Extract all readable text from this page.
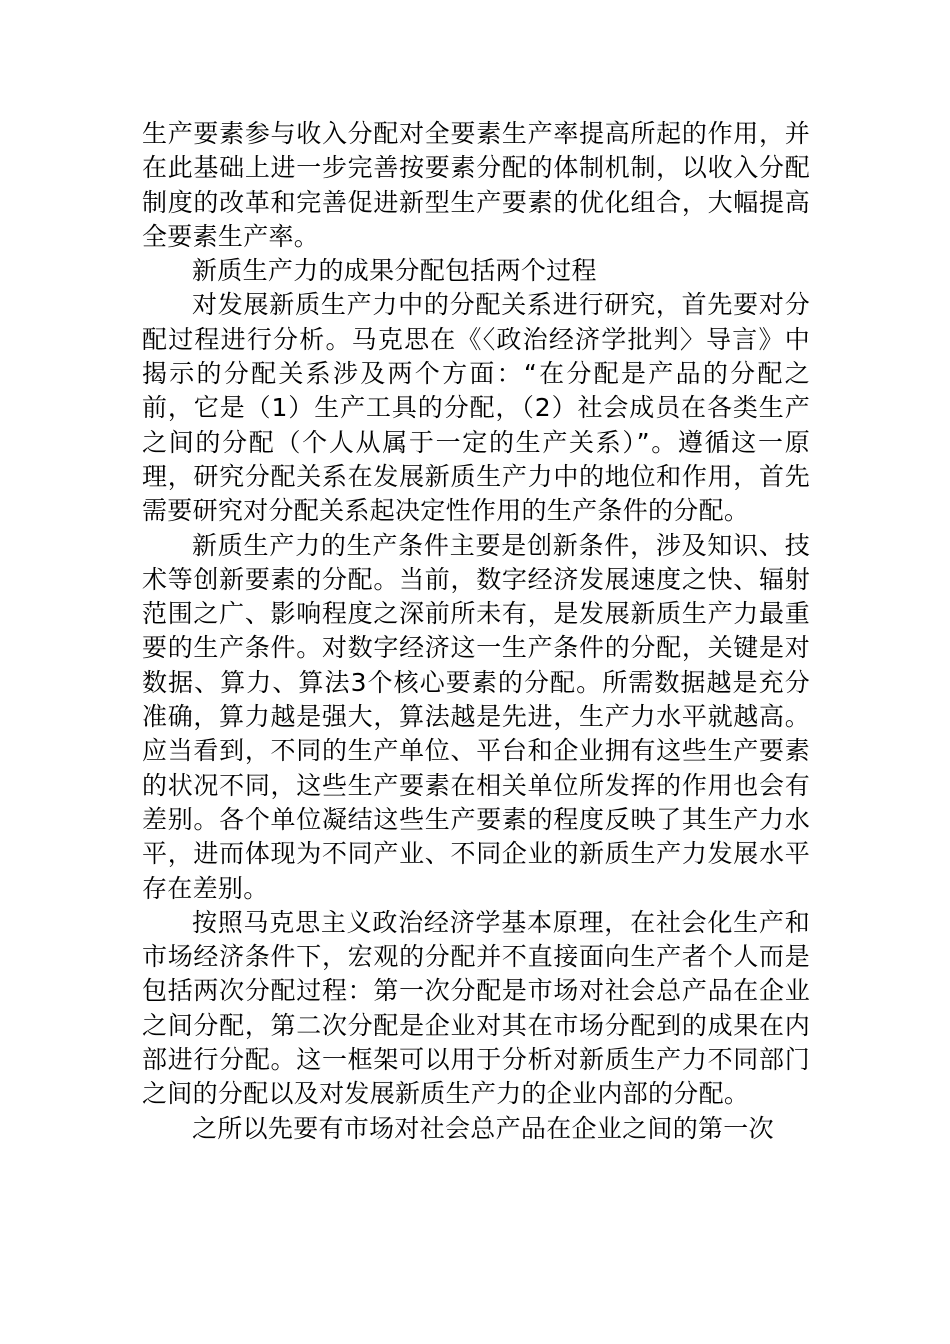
生产要素参与收入分配对全要素生产率提高所起的作用，并在此基础上进一步完善按要素分配的体制机制，以收入分配制度的改革和完善促进新型生产要素的优化组合，大幅提高全要素生产率。

新质生产力的成果分配包括两个过程

对发展新质生产力中的分配关系进行研究，首先要对分配过程进行分析。马克思在《〈政治经济学批判〉导言》中揭示的分配关系涉及两个方面：“在分配是产品的分配之前，它是（1）生产工具的分配，（2）社会成员在各类生产之间的分配（个人从属于一定的生产关系）”。遵循这一原理，研究分配关系在发展新质生产力中的地位和作用，首先需要研究对分配关系起决定性作用的生产条件的分配。

新质生产力的生产条件主要是创新条件，涉及知识、技术等创新要素的分配。当前，数字经济发展速度之快、辐射范围之广、影响程度之深前所未有，是发展新质生产力最重要的生产条件。对数字经济这一生产条件的分配，关键是对数据、算力、算法3个核心要素的分配。所需数据越是充分准确，算力越是强大，算法越是先进，生产力水平就越高。应当看到，不同的生产单位、平台和企业拥有这些生产要素的状况不同，这些生产要素在相关单位所发挥的作用也会有差别。各个单位凝结这些生产要素的程度反映了其生产力水平，进而体现为不同产业、不同企业的新质生产力发展水平存在差别。

按照马克思主义政治经济学基本原理，在社会化生产和市场经济条件下，宏观的分配并不直接面向生产者个人而是包括两次分配过程：第一次分配是市场对社会总产品在企业之间分配，第二次分配是企业对其在市场分配到的成果在内部进行分配。这一框架可以用于分析对新质生产力不同部门之间的分配以及对发展新质生产力的企业内部的分配。

之所以先要有市场对社会总产品在企业之间的第一次
